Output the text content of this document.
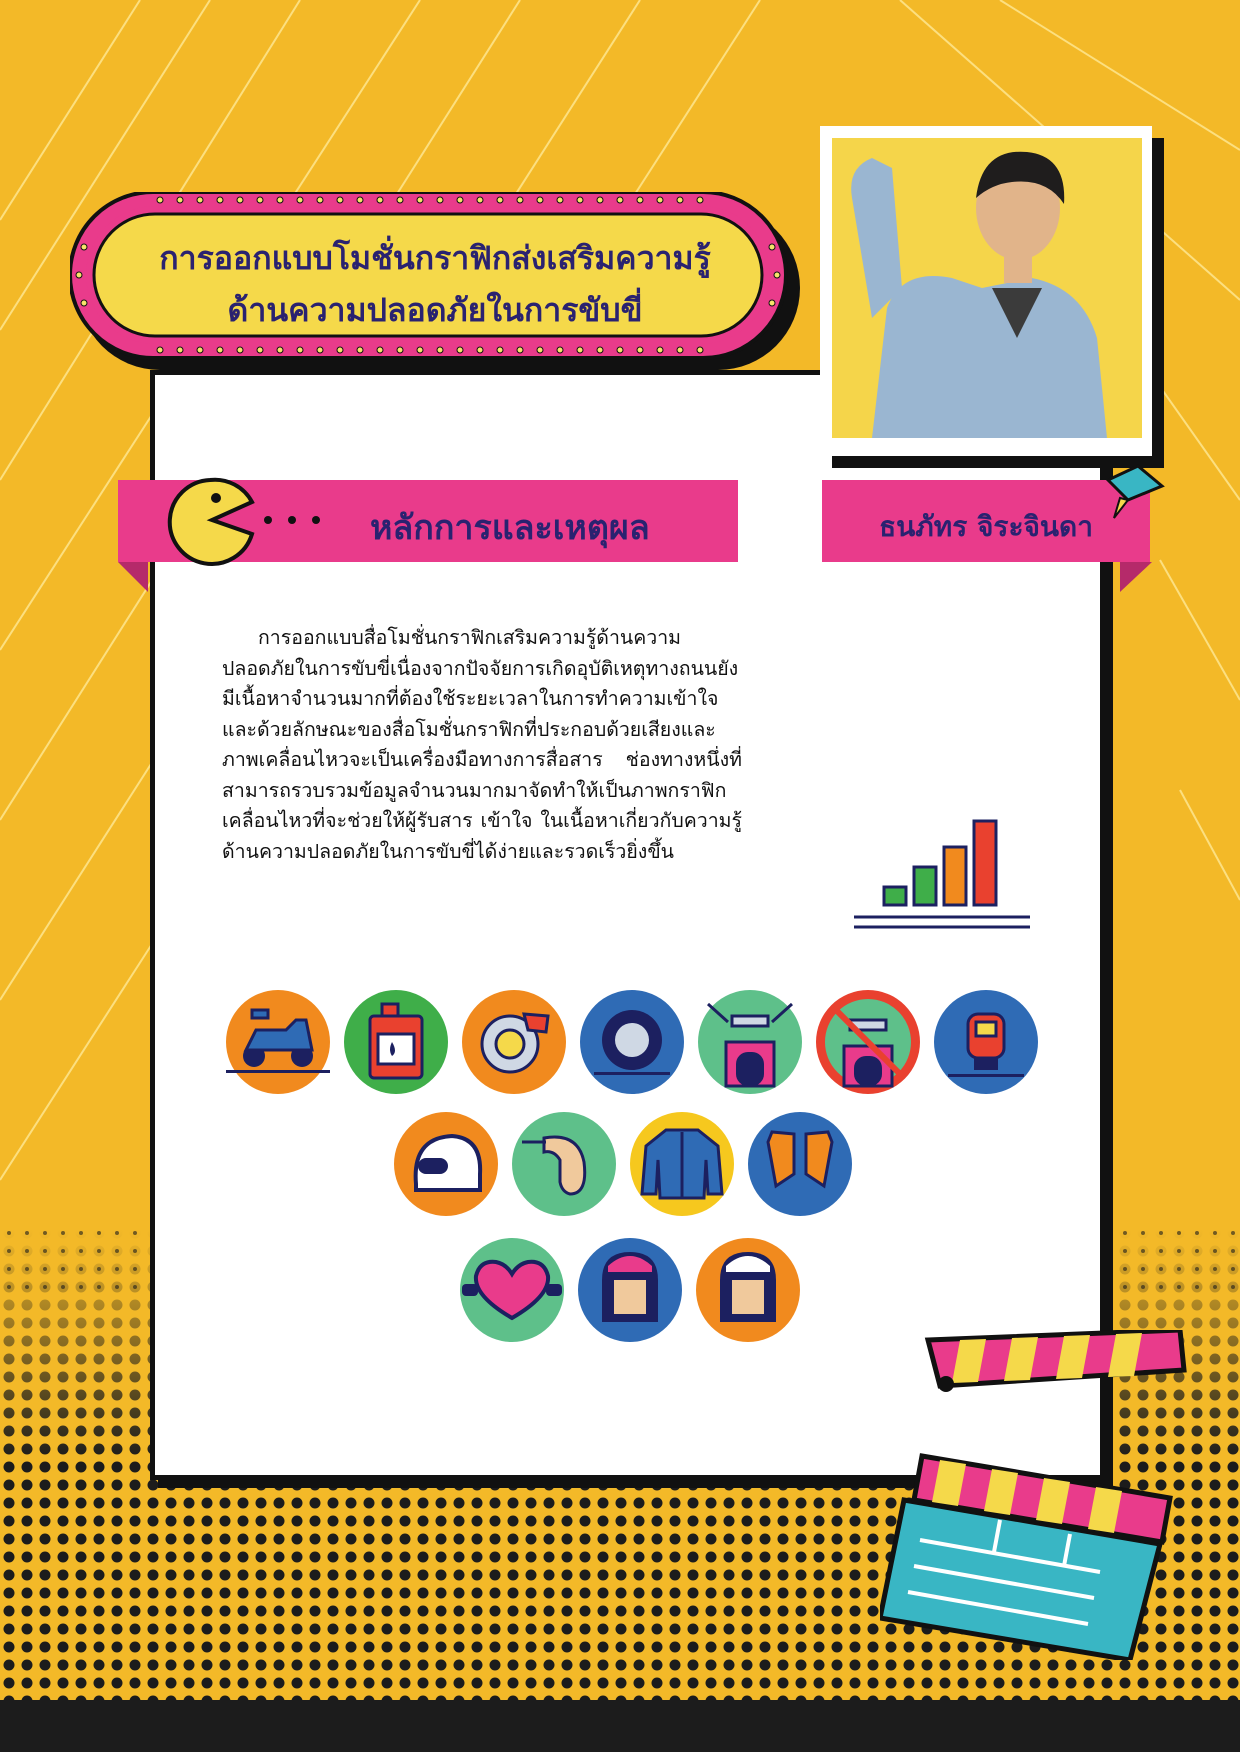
การออกแบบโมชั่นกราฟิกส่งเสริมความรู้
ด้านความปลอดภัยในการขับขี่
หลักการและเหตุผล	ธนภัทร จิระจินดา
การออกแบบสื่อโมชั่นกราฟิกเสริมความรู้ด้านความปลอดภัยในการขับขี่เนื่องจากปัจจัยการเกิดอุบัติเหตุทางถนนยังมีเนื้อหาจำนวนมากที่ต้องใช้ระยะเวลาในการทำความเข้าใจ และด้วยลักษณะของสื่อโมชั่นกราฟิกที่ประกอบด้วยเสียงและภาพเคลื่อนไหวจะเป็นเครื่องมือทางการสื่อสาร ช่องทางหนึ่งที่สามารถรวบรวมข้อมูลจำนวนมากมาจัดทำให้เป็นภาพกราฟิกเคลื่อนไหวที่จะช่วยให้ผู้รับสาร เข้าใจ ในเนื้อหาเกี่ยวกับความรู้ด้านความปลอดภัยในการขับขี่ได้ง่ายและรวดเร็วยิ่งขึ้น
